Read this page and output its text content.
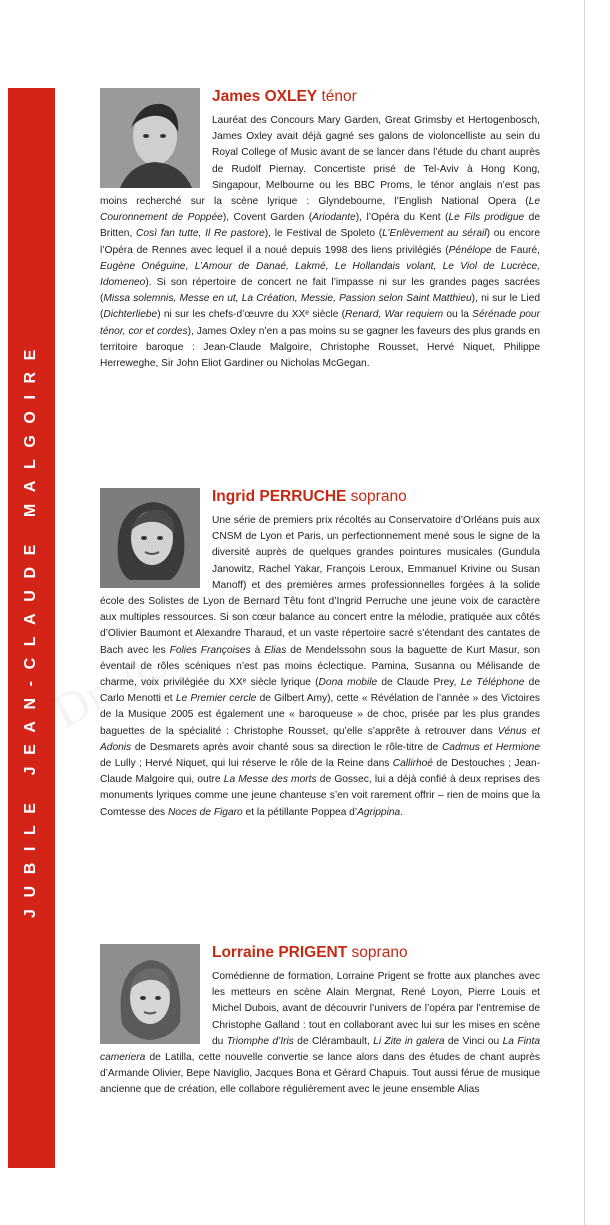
JUBILE JEAN-CLAUDE MALGOIRE
James OXLEY ténor

Lauréat des Concours Mary Garden, Great Grimsby et Hertogenbosch, James Oxley avait déjà gagné ses galons de violoncelliste au sein du Royal College of Music avant de se lancer dans l’étude du chant auprès de Rudolf Piernay. Concertiste prisé de Tel-Aviv à Hong Kong, Singapour, Melbourne ou les BBC Proms, le ténor anglais n’est pas moins recherché sur la scène lyrique : Glyndebourne, l’English National Opera (Le Couronnement de Poppée), Covent Garden (Ariodante), l’Opéra du Kent (Le Fils prodigue de Britten, Così fan tutte, Il Re pastore), le Festival de Spoleto (L’Enlèvement au sérail) ou encore l’Opéra de Rennes avec lequel il a noué depuis 1998 des liens privilégiés (Pénélope de Fauré, Eugène Onéguine, L’Amour de Danaé, Lakmé, Le Hollandais volant, Le Viol de Lucrèce, Idomeneo). Si son répertoire de concert ne fait l’impasse ni sur les grandes pages sacrées (Missa solemnis, Messe en ut, La Création, Messie, Passion selon Saint Matthieu), ni sur le Lied (Dichterliebe) ni sur les chefs-d’œuvre du XXᵉ siècle (Renard, War requiem ou la Sérénade pour ténor, cor et cordes), James Oxley n’en a pas moins su se gagner les faveurs des plus grands en territoire baroque : Jean-Claude Malgoire, Christophe Rousset, Hervé Niquet, Philippe Herreweghe, Sir John Eliot Gardiner ou Nicholas McGegan.

Ingrid PERRUCHE soprano

Une série de premiers prix récoltés au Conservatoire d’Orléans puis aux CNSM de Lyon et Paris, un perfectionnement mené sous le signe de la diversité auprès de quelques grandes pointures musicales (Gundula Janowitz, Rachel Yakar, François Leroux, Emmanuel Krivine ou Susan Manoff) et des premières armes professionnelles forgées à la solide école des Solistes de Lyon de Bernard Têtu font d’Ingrid Perruche une jeune voix de caractère aux multiples ressources. Si son cœur balance au concert entre la mélodie, pratiquée aux côtés d’Olivier Baumont et Alexandre Tharaud, et un vaste répertoire sacré s’étendant des cantates de Bach avec les Folies Françoises à Elias de Mendelssohn sous la baguette de Kurt Masur, son éventail de rôles scéniques n’est pas moins éclectique. Pamina, Susanna ou Mélisande de charme, voix privilégiée du XXᵉ siècle lyrique (Dona mobile de Claude Prey, Le Téléphone de Carlo Menotti et Le Premier cercle de Gilbert Amy), cette « Révélation de l’année » des Victoires de la Musique 2005 est également une « baroqueuse » de choc, prisée par les plus grandes baguettes de la spécialité : Christophe Rousset, qu’elle s’apprête à retrouver dans Vénus et Adonis de Desmarets après avoir chanté sous sa direction le rôle-titre de Cadmus et Hermione de Lully ; Hervé Niquet, qui lui réserve le rôle de la Reine dans Callirhoé de Destouches ; Jean-Claude Malgoire qui, outre La Messe des morts de Gossec, lui a déjà confié à deux reprises des monuments lyriques comme une jeune chanteuse s’en voit rarement offrir – rien de moins que la Comtesse des Noces de Figaro et la pétillante Poppea d’Agrippina.

Lorraine PRIGENT soprano

Comédienne de formation, Lorraine Prigent se frotte aux planches avec les metteurs en scène Alain Mergnat, René Loyon, Pierre Louis et Michel Dubois, avant de découvrir l’univers de l’opéra par l’entremise de Christophe Galland : tout en collaborant avec lui sur les mises en scène du Triomphe d’Iris de Clérambault, Li Zite in galera de Vinci ou La Finta cameriera de Latilla, cette nouvelle convertie se lance alors dans des études de chant auprès d’Armande Olivier, Bepe Naviglio, Jacques Bona et Gérard Chapuis. Tout aussi férue de musique ancienne que de création, elle collabore régulièrement avec le jeune ensemble Alias
